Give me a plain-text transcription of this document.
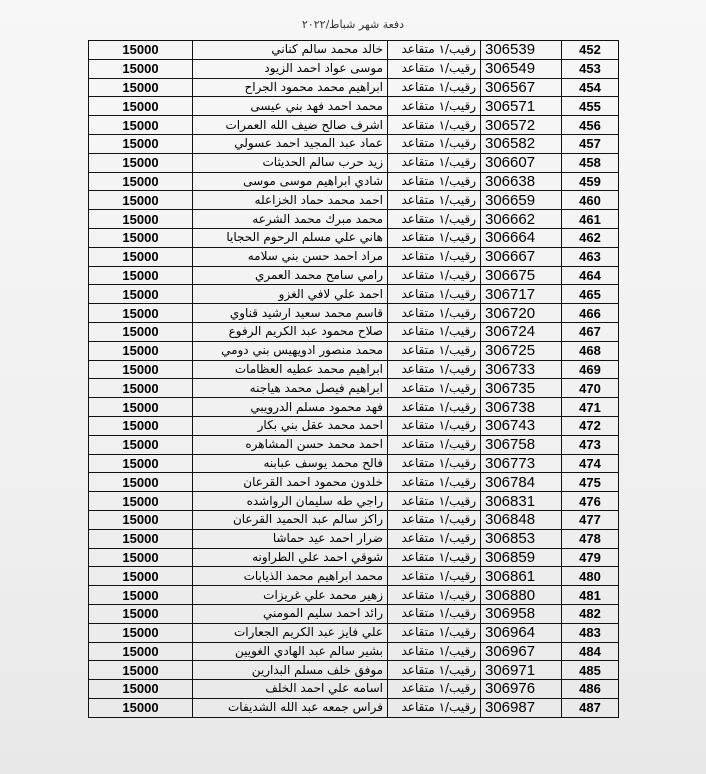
دفعة شهر شباط/٢٠٢٢
452	306539	رقيب/١ متقاعد	خالد محمد سالم كناني	15000
453	306549	رقيب/١ متقاعد	موسى عواد احمد الزيود	15000
454	306567	رقيب/١ متقاعد	ابراهيم محمد محمود الجراح	15000
455	306571	رقيب/١ متقاعد	محمد احمد فهد بني عيسى	15000
456	306572	رقيب/١ متقاعد	اشرف صالح ضيف الله العمرات	15000
457	306582	رقيب/١ متقاعد	عماد عبد المجيد احمد عسولي	15000
458	306607	رقيب/١ متقاعد	زيد حرب سالم الحديثات	15000
459	306638	رقيب/١ متقاعد	شادي ابراهيم موسى موسى	15000
460	306659	رقيب/١ متقاعد	احمد محمد حماد الخزاعله	15000
461	306662	رقيب/١ متقاعد	محمد مبرك محمد الشرعه	15000
462	306664	رقيب/١ متقاعد	هاني علي مسلم الرحوم الحجايا	15000
463	306667	رقيب/١ متقاعد	مراد احمد حسن بني سلامه	15000
464	306675	رقيب/١ متقاعد	رامي سامح محمد العمري	15000
465	306717	رقيب/١ متقاعد	احمد علي لافي الغزو	15000
466	306720	رقيب/١ متقاعد	قاسم محمد سعيد ارشيد قناوي	15000
467	306724	رقيب/١ متقاعد	صلاح محمود عبد الكريم الرفوع	15000
468	306725	رقيب/١ متقاعد	محمد منصور ادويهيس بني دومي	15000
469	306733	رقيب/١ متقاعد	ابراهيم محمد عطيه العظامات	15000
470	306735	رقيب/١ متقاعد	ابراهيم فيصل محمد هياجنه	15000
471	306738	رقيب/١ متقاعد	فهد محمود مسلم الدرويبي	15000
472	306743	رقيب/١ متقاعد	احمد محمد عقل بني بكار	15000
473	306758	رقيب/١ متقاعد	احمد محمد حسن المشاهره	15000
474	306773	رقيب/١ متقاعد	فالح محمد يوسف عبابنه	15000
475	306784	رقيب/١ متقاعد	خلدون محمود احمد القرعان	15000
476	306831	رقيب/١ متقاعد	راجي طه سليمان الرواشده	15000
477	306848	رقيب/١ متقاعد	راكز سالم عبد الحميد القرعان	15000
478	306853	رقيب/١ متقاعد	ضرار احمد عيد حماشا	15000
479	306859	رقيب/١ متقاعد	شوقي احمد علي الطراونه	15000
480	306861	رقيب/١ متقاعد	محمد ابراهيم محمد الذيابات	15000
481	306880	رقيب/١ متقاعد	زهير محمد علي غريزات	15000
482	306958	رقيب/١ متقاعد	رائد احمد سليم المومني	15000
483	306964	رقيب/١ متقاعد	علي فايز عبد الكريم الجعارات	15000
484	306967	رقيب/١ متقاعد	بشير سالم عبد الهادي الغويين	15000
485	306971	رقيب/١ متقاعد	موفق خلف مسلم البدارين	15000
486	306976	رقيب/١ متقاعد	اسامه علي احمد الخلف	15000
487	306987	رقيب/١ متقاعد	فراس جمعه عبد الله الشديفات	15000
